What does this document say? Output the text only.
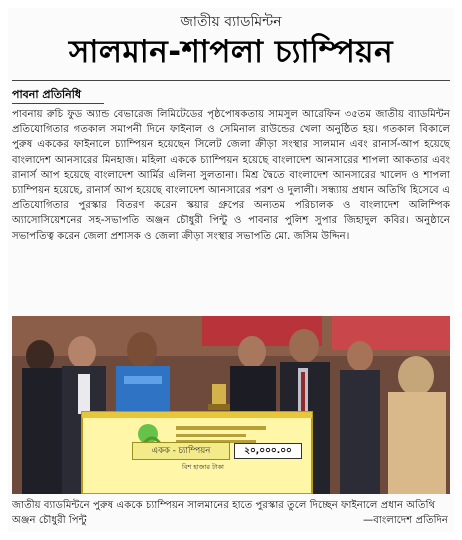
জাতীয় ব্যাডমিন্টন
সালমান-শাপলা চ্যাম্পিয়ন
পাবনা প্রতিনিধি

পাবনায় রুচি ফুড অ্যান্ড বেভারেজ লিমিটেডের পৃষ্ঠপোষকতায় সামসুল আরেফিন ৩৫তম জাতীয় ব্যাডমিন্টন প্রতিযোগিতার গতকাল সমাপনী দিনে ফাইনাল ও সেমিনাল রাউন্ডের খেলা অনুষ্ঠিত হয়। গতকাল বিকালে পুরুষ এককের ফাইনালে চ্যাম্পিয়ন হয়েছেন সিলেট জেলা ক্রীড়া সংস্থার সালমান এবং রানার্স-আপ হয়েছে বাংলাদেশ আনসারের মিনহাজ। মহিলা এককে চ্যাম্পিয়ন হয়েছে বাংলাদেশ আনসারের শাপলা আকতার এবং রানার্স আপ হয়েছে বাংলাদেশ আর্মির এলিনা সুলতানা। মিশ্র দ্বৈতে বাংলাদেশ আনসারের খালেদ ও শাপলা চ্যাম্পিয়ন হয়েছে, রানার্স আপ হয়েছে বাংলাদেশ আনসারের পরশ ও দুলালী। সন্ধ্যায় প্রধান অতিথি হিসেবে এ প্রতিযোগিতার পুরস্কার বিতরণ করেন স্কয়ার গ্রুপের অন্যতম পরিচালক ও বাংলাদেশ অলিম্পিক অ্যাসোসিয়েশনের সহ-সভাপতি অঞ্জন চৌধুরী পিন্টু ও পাবনার পুলিশ সুপার জিহাদুল কবির। অনুষ্ঠানে সভাপতিত্ব করেন জেলা প্রশাসক ও জেলা ক্রীড়া সংস্থার সভাপতি মো. জসিম উদ্দিন।

একক - চ্যাম্পিয়ন	২০,০০০.০০
বিশ হাজার টাকা

জাতীয় ব্যাডমিন্টনে পুরুষ এককে চ্যাম্পিয়ন সালমানের হাতে পুরস্কার তুলে দিচ্ছেন ফাইনালে প্রধান অতিথি অঞ্জন চৌধুরী পিন্টু	—বাংলাদেশ প্রতিদিন
